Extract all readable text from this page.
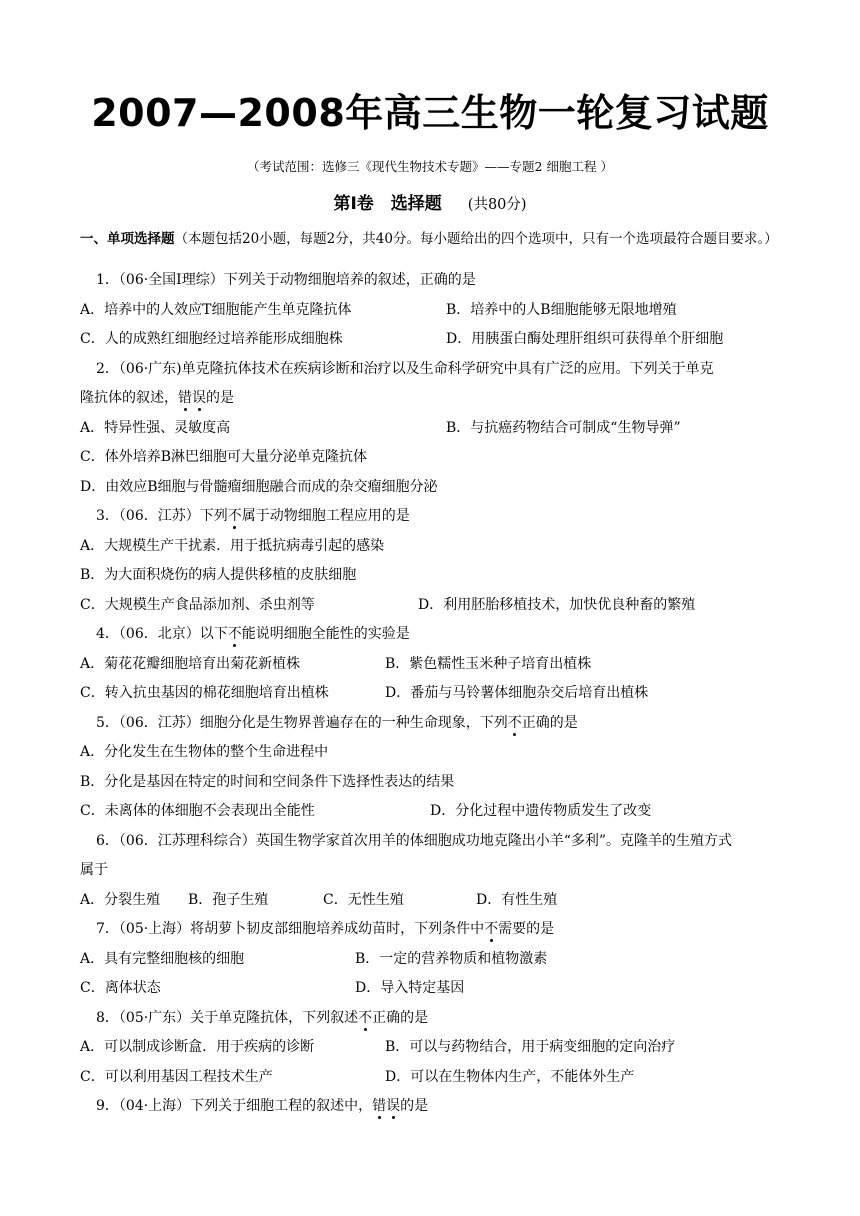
2007—2008年高三生物一轮复习试题
（考试范围：选修三《现代生物技术专题》——专题2 细胞工程 ）
第Ⅰ卷　选择题 (共80分)
一、单项选择题（本题包括20小题，每题2分，共40分。每小题给出的四个选项中，只有一个选项最符合题目要求。）
1．（06·全国Ⅰ理综）下列关于动物细胞培养的叙述，正确的是
A．培养中的人效应T细胞能产生单克隆抗体	B．培养中的人B细胞能够无限地增殖
C．人的成熟红细胞经过培养能形成细胞株	D．用胰蛋白酶处理肝组织可获得单个肝细胞
2．（06·广东)单克隆抗体技术在疾病诊断和治疗以及生命科学研究中具有广泛的应用。下列关于单克
隆抗体的叙述，错误的是
A．特异性强、灵敏度高	B．与抗癌药物结合可制成“生物导弹”
C．体外培养B淋巴细胞可大量分泌单克隆抗体
D．由效应B细胞与骨髓瘤细胞融合而成的杂交瘤细胞分泌
3．（06．江苏）下列不属于动物细胞工程应用的是
A．大规模生产干扰素．用于抵抗病毒引起的感染
B．为大面积烧伤的病人提供移植的皮肤细胞
C．大规模生产食品添加剂、杀虫剂等	D．利用胚胎移植技术，加快优良种畜的繁殖
4．（06．北京）以下不能说明细胞全能性的实验是
A．菊花花瓣细胞培育出菊花新植株	B．紫色糯性玉米种子培育出植株
C．转入抗虫基因的棉花细胞培育出植株	D．番茄与马铃薯体细胞杂交后培育出植株
5．（06．江苏）细胞分化是生物界普遍存在的一种生命现象，下列不正确的是
A．分化发生在生物体的整个生命进程中
B．分化是基因在特定的时间和空间条件下选择性表达的结果
C．未离体的体细胞不会表现出全能性	D．分化过程中遗传物质发生了改变
6．（06．江苏理科综合）英国生物学家首次用羊的体细胞成功地克隆出小羊“多利”。克隆羊的生殖方式
属于
A．分裂生殖 B．孢子生殖	C．无性生殖	D．有性生殖
7．（05·上海）将胡萝卜韧皮部细胞培养成幼苗时，下列条件中不需要的是
A．具有完整细胞核的细胞	B．一定的营养物质和植物激素
C．离体状态	D．导入特定基因
8．（05·广东）关于单克隆抗体，下列叙述不正确的是
A．可以制成诊断盒．用于疾病的诊断	B．可以与药物结合，用于病变细胞的定向治疗
C．可以利用基因工程技术生产	D．可以在生物体内生产，不能体外生产
9．（04·上海）下列关于细胞工程的叙述中，错误的是
